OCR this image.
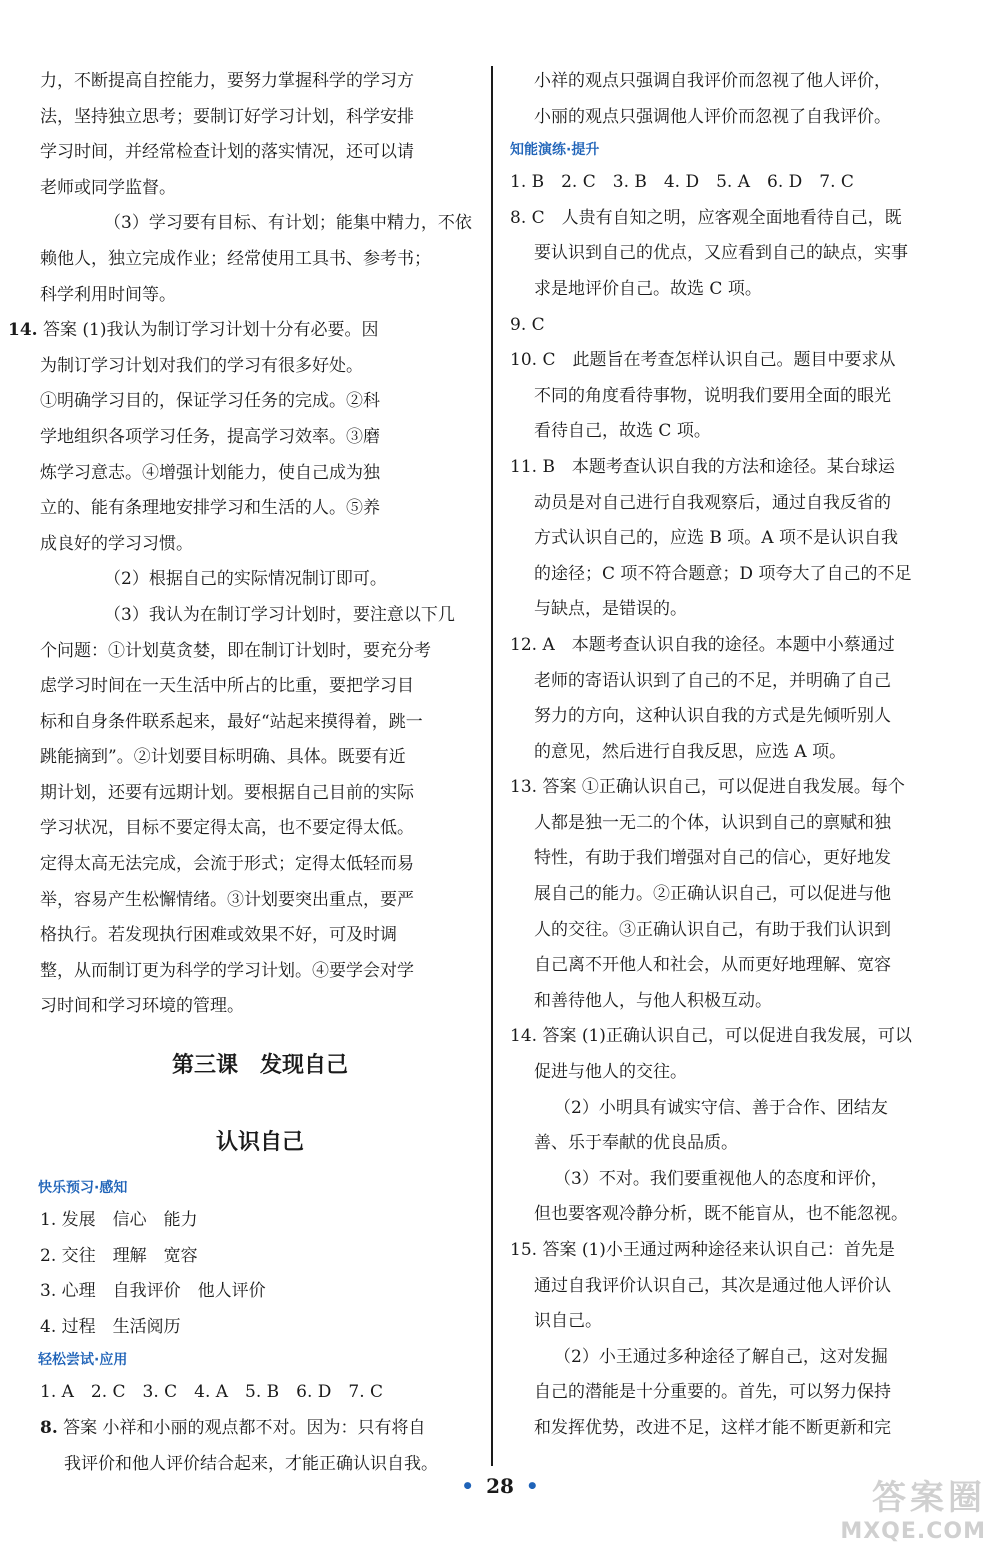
力，不断提高自控能力，要努力掌握科学的学习方
法，坚持独立思考；要制订好学习计划，科学安排
学习时间，并经常检查计划的落实情况，还可以请
老师或同学监督。
（3）学习要有目标、有计划；能集中精力，不依
赖他人，独立完成作业；经常使用工具书、参考书；
科学利用时间等。
14. 答案 (1)我认为制订学习计划十分有必要。因
为制订学习计划对我们的学习有很多好处。
①明确学习目的，保证学习任务的完成。②科
学地组织各项学习任务，提高学习效率。③磨
炼学习意志。④增强计划能力，使自己成为独
立的、能有条理地安排学习和生活的人。⑤养
成良好的学习习惯。
（2）根据自己的实际情况制订即可。
（3）我认为在制订学习计划时，要注意以下几
个问题：①计划莫贪婪，即在制订计划时，要充分考
虑学习时间在一天生活中所占的比重，要把学习目
标和自身条件联系起来，最好“站起来摸得着，跳一
跳能摘到”。②计划要目标明确、具体。既要有近
期计划，还要有远期计划。要根据自己目前的实际
学习状况，目标不要定得太高，也不要定得太低。
定得太高无法完成，会流于形式；定得太低轻而易
举，容易产生松懈情绪。③计划要突出重点，要严
格执行。若发现执行困难或效果不好，可及时调
整，从而制订更为科学的学习计划。④要学会对学
习时间和学习环境的管理。
第三课　发现自己
认识自己
快乐预习·感知
1. 发展　信心　能力
2. 交往　理解　宽容
3. 心理　自我评价　他人评价
4. 过程　生活阅历
轻松尝试·应用
1. A　2. C　3. C　4. A　5. B　6. D　7. C
8. 答案 小祥和小丽的观点都不对。因为：只有将自
我评价和他人评价结合起来，才能正确认识自我。
小祥的观点只强调自我评价而忽视了他人评价，
小丽的观点只强调他人评价而忽视了自我评价。
知能演练·提升
1. B　2. C　3. B　4. D　5. A　6. D　7. C
8. C　人贵有自知之明，应客观全面地看待自己，既
要认识到自己的优点，又应看到自己的缺点，实事
求是地评价自己。故选 C 项。
9. C
10. C　此题旨在考查怎样认识自己。题目中要求从
不同的角度看待事物，说明我们要用全面的眼光
看待自己，故选 C 项。
11. B　本题考查认识自我的方法和途径。某台球运
动员是对自己进行自我观察后，通过自我反省的
方式认识自己的，应选 B 项。A 项不是认识自我
的途径；C 项不符合题意；D 项夸大了自己的不足
与缺点，是错误的。
12. A　本题考查认识自我的途径。本题中小蔡通过
老师的寄语认识到了自己的不足，并明确了自己
努力的方向，这种认识自我的方式是先倾听别人
的意见，然后进行自我反思，应选 A 项。
13. 答案 ①正确认识自己，可以促进自我发展。每个
人都是独一无二的个体，认识到自己的禀赋和独
特性，有助于我们增强对自己的信心，更好地发
展自己的能力。②正确认识自己，可以促进与他
人的交往。③正确认识自己，有助于我们认识到
自己离不开他人和社会，从而更好地理解、宽容
和善待他人，与他人积极互动。
14. 答案 (1)正确认识自己，可以促进自我发展，可以
促进与他人的交往。
（2）小明具有诚实守信、善于合作、团结友
善、乐于奉献的优良品质。
（3）不对。我们要重视他人的态度和评价，
但也要客观冷静分析，既不能盲从，也不能忽视。
15. 答案 (1)小王通过两种途径来认识自己：首先是
通过自我评价认识自己，其次是通过他人评价认
识自己。
（2）小王通过多种途径了解自己，这对发掘
自己的潜能是十分重要的。首先，可以努力保持
和发挥优势，改进不足，这样才能不断更新和完
• 28 •	答案圈
MXQE.COM
